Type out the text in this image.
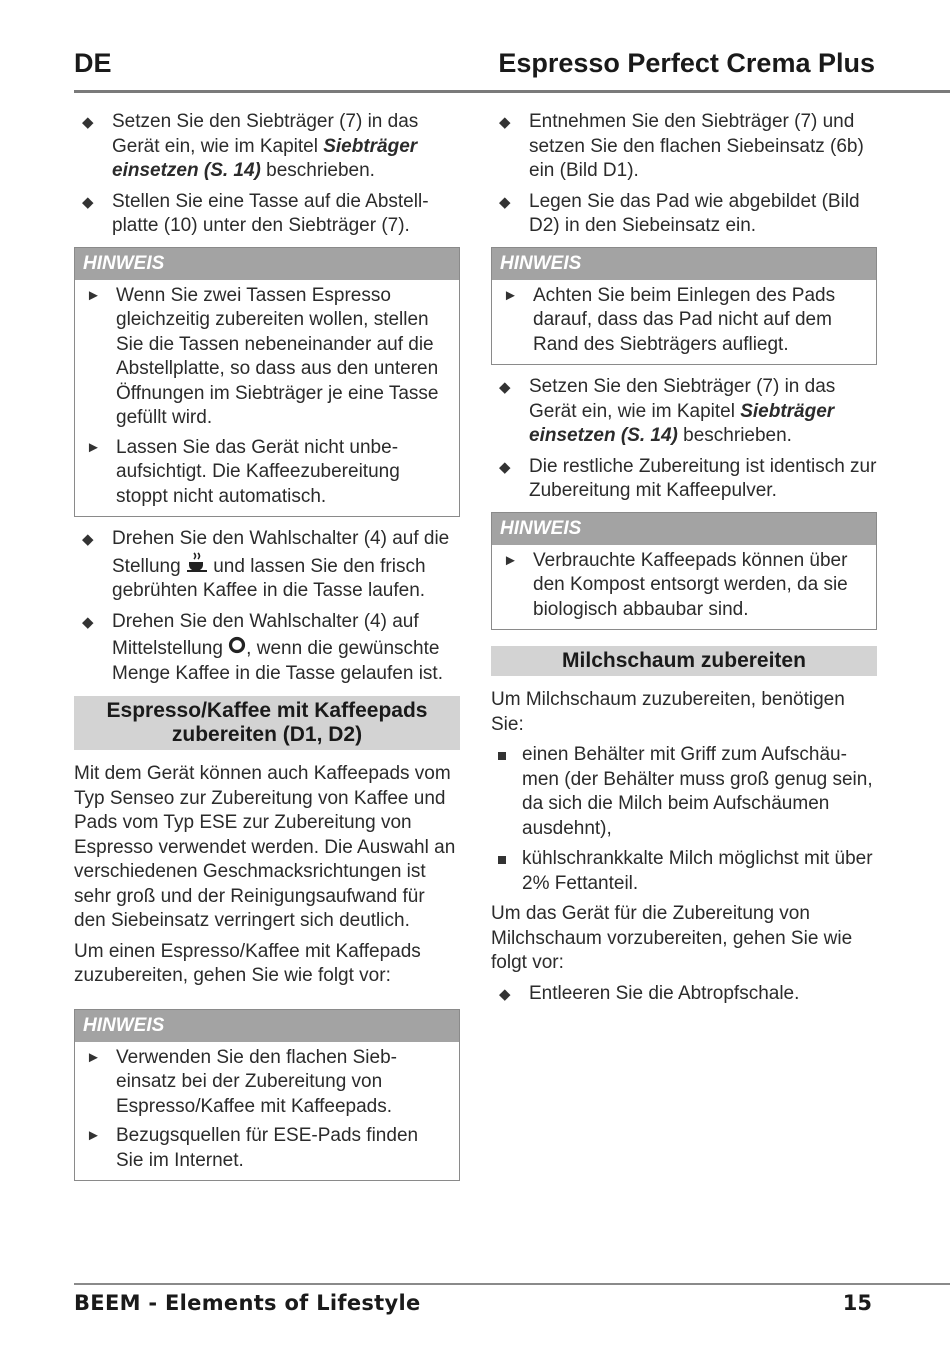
DE	Espresso Perfect Crema Plus
◆ Setzen Sie den Siebträger (7) in das Gerät ein, wie im Kapitel Siebträger einsetzen (S. 14) beschrieben.
◆ Stellen Sie eine Tasse auf die Abstellplatte (10) unter den Siebträger (7).
HINWEIS
► Wenn Sie zwei Tassen Espresso gleichzeitig zubereiten wollen, stellen Sie die Tassen nebeneinander auf die Abstellplatte, so dass aus den unteren Öffnungen im Siebträger je eine Tasse gefüllt wird.
► Lassen Sie das Gerät nicht unbeaufsichtigt. Die Kaffeezubereitung stoppt nicht automatisch.
◆ Drehen Sie den Wahlschalter (4) auf die Stellung  und lassen Sie den frisch gebrühten Kaffee in die Tasse laufen.
◆ Drehen Sie den Wahlschalter (4) auf Mittelstellung , wenn die gewünschte Menge Kaffee in die Tasse gelaufen ist.
Espresso/Kaffee mit Kaffeepads zubereiten (D1, D2)

Mit dem Gerät können auch Kaffeepads vom Typ Senseo zur Zubereitung von Kaffee und Pads vom Typ ESE zur Zubereitung von Espresso verwendet werden. Die Auswahl an verschiedenen Geschmacksrichtungen ist sehr groß und der Reinigungsaufwand für den Siebeinsatz verringert sich deutlich.

Um einen Espresso/Kaffee mit Kaffepads zuzubereiten, gehen Sie wie folgt vor:

HINWEIS
► Verwenden Sie den flachen Siebeinsatz bei der Zubereitung von Espresso/Kaffee mit Kaffeepads.
► Bezugsquellen für ESE-Pads finden Sie im Internet.
◆ Entnehmen Sie den Siebträger (7) und setzen Sie den flachen Siebeinsatz (6b) ein (Bild D1).
◆ Legen Sie das Pad wie abgebildet (Bild D2) in den Siebeinsatz ein.
HINWEIS
► Achten Sie beim Einlegen des Pads darauf, dass das Pad nicht auf dem Rand des Siebträgers aufliegt.
◆ Setzen Sie den Siebträger (7) in das Gerät ein, wie im Kapitel Siebträger einsetzen (S. 14) beschrieben.
◆ Die restliche Zubereitung ist identisch zur Zubereitung mit Kaffeepulver.
HINWEIS
► Verbrauchte Kaffeepads können über den Kompost entsorgt werden, da sie biologisch abbaubar sind.
Milchschaum zubereiten

Um Milchschaum zuzubereiten, benötigen Sie:

einen Behälter mit Griff zum Aufschäumen (der Behälter muss groß genug sein, da sich die Milch beim Aufschäumen ausdehnt),
kühlschrankkalte Milch möglichst mit über 2% Fettanteil.

Um das Gerät für die Zubereitung von Milchschaum vorzubereiten, gehen Sie wie folgt vor:

◆ Entleeren Sie die Abtropfschale.
BEEM - Elements of Lifestyle	15
